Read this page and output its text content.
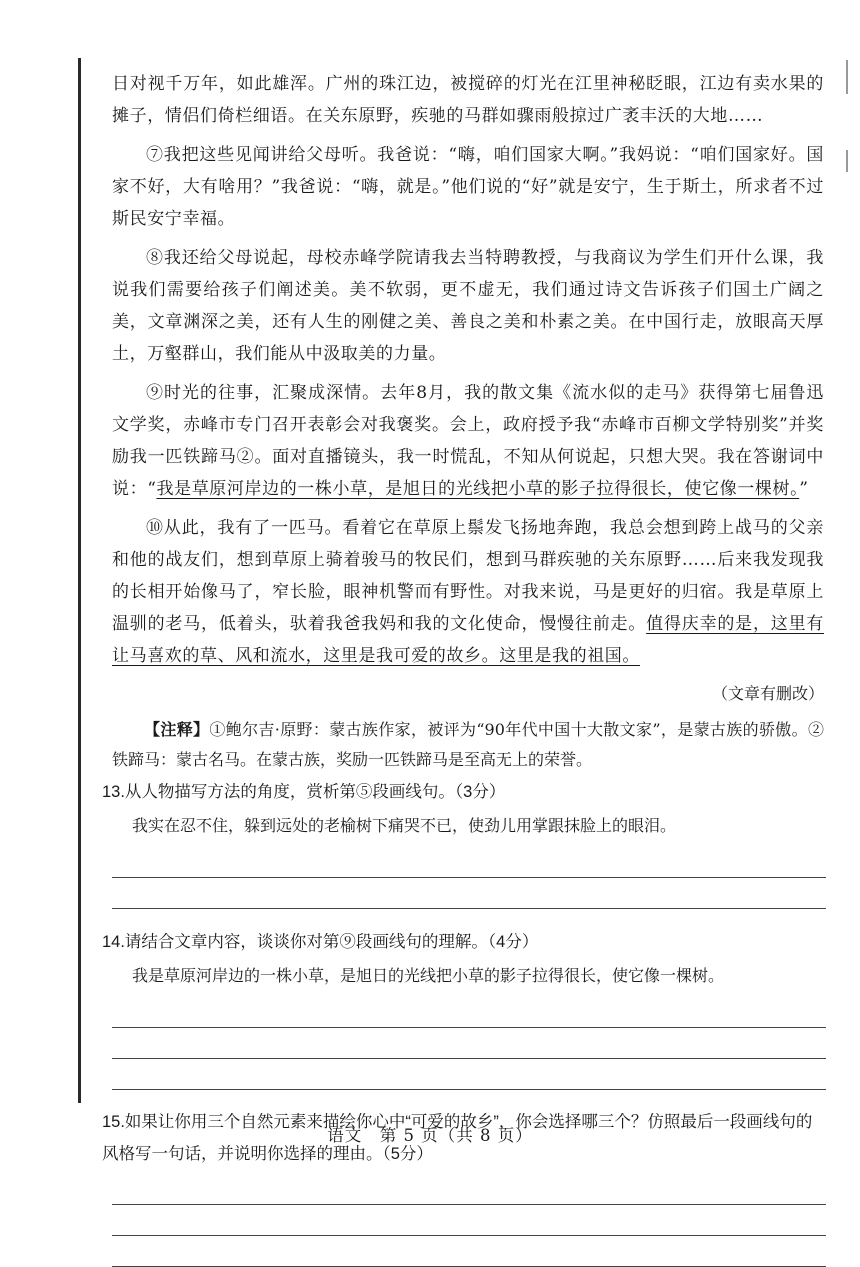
日对视千万年，如此雄浑。广州的珠江边，被搅碎的灯光在江里神秘眨眼，江边有卖水果的摊子，情侣们倚栏细语。在关东原野，疾驰的马群如骤雨般掠过广袤丰沃的大地……

⑦我把这些见闻讲给父母听。我爸说：“嗨，咱们国家大啊。”我妈说：“咱们国家好。国家不好，大有啥用？”我爸说：“嗨，就是。”他们说的“好”就是安宁，生于斯土，所求者不过斯民安宁幸福。

⑧我还给父母说起，母校赤峰学院请我去当特聘教授，与我商议为学生们开什么课，我说我们需要给孩子们阐述美。美不软弱，更不虚无，我们通过诗文告诉孩子们国土广阔之美，文章渊深之美，还有人生的刚健之美、善良之美和朴素之美。在中国行走，放眼高天厚土，万壑群山，我们能从中汲取美的力量。

⑨时光的往事，汇聚成深情。去年8月，我的散文集《流水似的走马》获得第七届鲁迅文学奖，赤峰市专门召开表彰会对我褒奖。会上，政府授予我“赤峰市百柳文学特别奖”并奖励我一匹铁蹄马②。面对直播镜头，我一时慌乱，不知从何说起，只想大哭。我在答谢词中说：“我是草原河岸边的一株小草，是旭日的光线把小草的影子拉得很长，使它像一棵树。”

⑩从此，我有了一匹马。看着它在草原上鬃发飞扬地奔跑，我总会想到跨上战马的父亲和他的战友们，想到草原上骑着骏马的牧民们，想到马群疾驰的关东原野……后来我发现我的长相开始像马了，窄长脸，眼神机警而有野性。对我来说，马是更好的归宿。我是草原上温驯的老马，低着头，驮着我爸我妈和我的文化使命，慢慢往前走。值得庆幸的是，这里有让马喜欢的草、风和流水，这里是我可爱的故乡。这里是我的祖国。

（文章有删改）

【注释】①鲍尔吉·原野：蒙古族作家，被评为“90年代中国十大散文家”，是蒙古族的骄傲。②铁蹄马：蒙古名马。在蒙古族，奖励一匹铁蹄马是至高无上的荣誉。

13.从人物描写方法的角度，赏析第⑤段画线句。（3分）

我实在忍不住，躲到远处的老榆树下痛哭不已，使劲儿用掌跟抹脸上的眼泪。

14.请结合文章内容，谈谈你对第⑨段画线句的理解。（4分）

我是草原河岸边的一株小草，是旭日的光线把小草的影子拉得很长，使它像一棵树。

15.如果让你用三个自然元素来描绘你心中“可爱的故乡”，你会选择哪三个？仿照最后一段画线句的风格写一句话，并说明你选择的理由。（5分）

语文　第 5 页（共 8 页）
